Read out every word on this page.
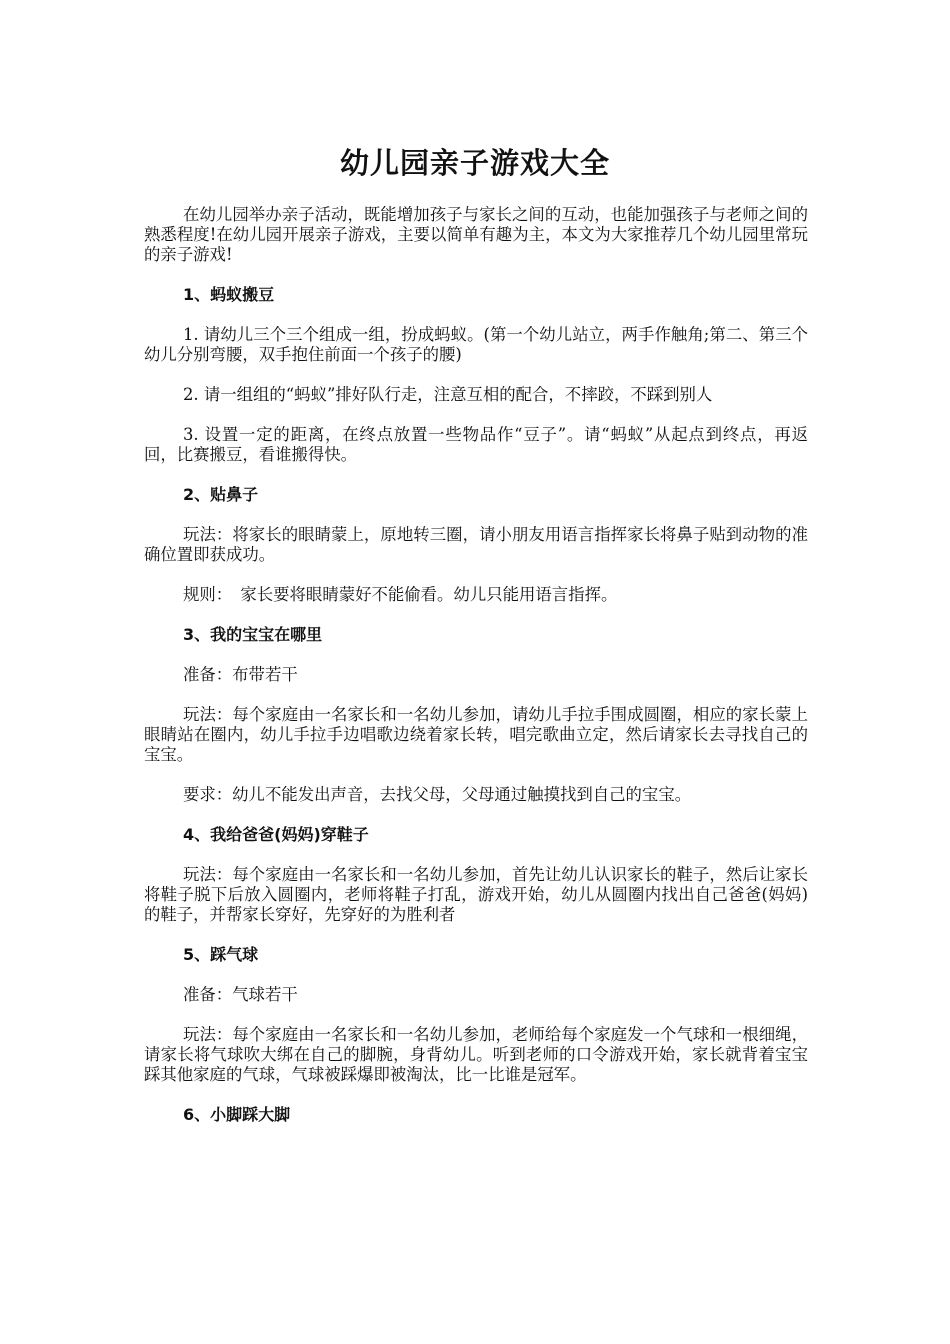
幼儿园亲子游戏大全

在幼儿园举办亲子活动，既能增加孩子与家长之间的互动，也能加强孩子与老师之间的熟悉程度!在幼儿园开展亲子游戏，主要以简单有趣为主，本文为大家推荐几个幼儿园里常玩的亲子游戏!

1、蚂蚁搬豆

1. 请幼儿三个三个组成一组，扮成蚂蚁。(第一个幼儿站立，两手作触角;第二、第三个幼儿分别弯腰，双手抱住前面一个孩子的腰)

2. 请一组组的“蚂蚁”排好队行走，注意互相的配合，不摔跤，不踩到别人

3. 设置一定的距离，在终点放置一些物品作“豆子”。请“蚂蚁”从起点到终点，再返回，比赛搬豆，看谁搬得快。

2、贴鼻子

玩法：将家长的眼睛蒙上，原地转三圈，请小朋友用语言指挥家长将鼻子贴到动物的准确位置即获成功。

规则：　家长要将眼睛蒙好不能偷看。幼儿只能用语言指挥。

3、我的宝宝在哪里

准备：布带若干

玩法：每个家庭由一名家长和一名幼儿参加，请幼儿手拉手围成圆圈，相应的家长蒙上眼睛站在圈内，幼儿手拉手边唱歌边绕着家长转，唱完歌曲立定，然后请家长去寻找自己的宝宝。

要求：幼儿不能发出声音，去找父母，父母通过触摸找到自己的宝宝。

4、我给爸爸(妈妈)穿鞋子

玩法：每个家庭由一名家长和一名幼儿参加，首先让幼儿认识家长的鞋子，然后让家长将鞋子脱下后放入圆圈内，老师将鞋子打乱，游戏开始，幼儿从圆圈内找出自己爸爸(妈妈)的鞋子，并帮家长穿好，先穿好的为胜利者

5、踩气球

准备：气球若干

玩法：每个家庭由一名家长和一名幼儿参加，老师给每个家庭发一个气球和一根细绳，请家长将气球吹大绑在自己的脚腕，身背幼儿。听到老师的口令游戏开始，家长就背着宝宝踩其他家庭的气球，气球被踩爆即被淘汰，比一比谁是冠军。

6、小脚踩大脚
